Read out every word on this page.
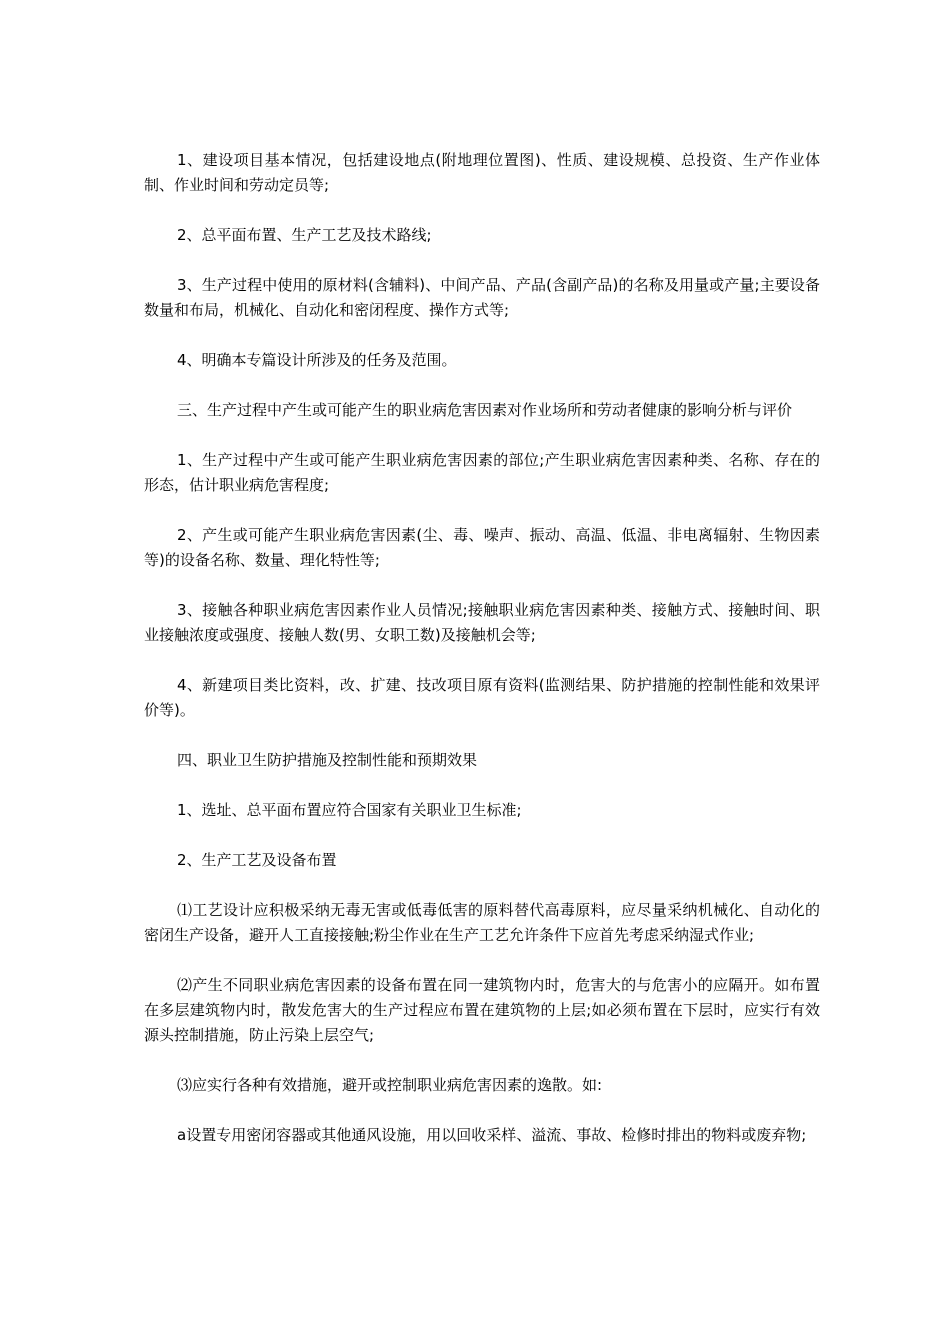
1、建设项目基本情况，包括建设地点(附地理位置图)、性质、建设规模、总投资、生产作业体制、作业时间和劳动定员等;

2、总平面布置、生产工艺及技术路线;

3、生产过程中使用的原材料(含辅料)、中间产品、产品(含副产品)的名称及用量或产量;主要设备数量和布局，机械化、自动化和密闭程度、操作方式等;

4、明确本专篇设计所涉及的任务及范围。

三、生产过程中产生或可能产生的职业病危害因素对作业场所和劳动者健康的影响分析与评价

1、生产过程中产生或可能产生职业病危害因素的部位;产生职业病危害因素种类、名称、存在的形态，估计职业病危害程度;

2、产生或可能产生职业病危害因素(尘、毒、噪声、振动、高温、低温、非电离辐射、生物因素等)的设备名称、数量、理化特性等;

3、接触各种职业病危害因素作业人员情况;接触职业病危害因素种类、接触方式、接触时间、职业接触浓度或强度、接触人数(男、女职工数)及接触机会等;

4、新建项目类比资料，改、扩建、技改项目原有资料(监测结果、防护措施的控制性能和效果评价等)。

四、职业卫生防护措施及控制性能和预期效果

1、选址、总平面布置应符合国家有关职业卫生标准;

2、生产工艺及设备布置

⑴工艺设计应积极采纳无毒无害或低毒低害的原料替代高毒原料，应尽量采纳机械化、自动化的密闭生产设备，避开人工直接接触;粉尘作业在生产工艺允许条件下应首先考虑采纳湿式作业;

⑵产生不同职业病危害因素的设备布置在同一建筑物内时，危害大的与危害小的应隔开。如布置在多层建筑物内时，散发危害大的生产过程应布置在建筑物的上层;如必须布置在下层时，应实行有效源头控制措施，防止污染上层空气;

⑶应实行各种有效措施，避开或控制职业病危害因素的逸散。如:

a设置专用密闭容器或其他通风设施，用以回收采样、溢流、事故、检修时排出的物料或废弃物;
